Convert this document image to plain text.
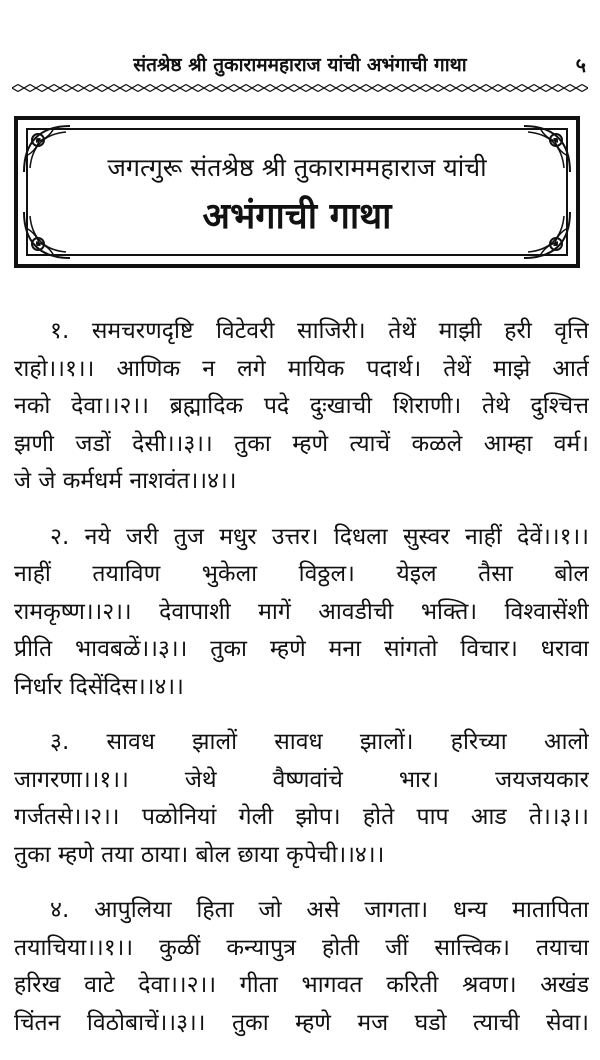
संतश्रेष्ठ श्री तुकाराममहाराज यांची अभंगाची गाथा	५
जगत्गुरू संतश्रेष्ठ श्री तुकाराममहाराज यांची
अभंगाची गाथा
१. समचरणदृष्टि विटेवरी साजिरी। तेथें माझी हरी वृत्ति
राहो।।१।। आणिक न लगे मायिक पदार्थ। तेथें माझे आर्त
नको देवा।।२।। ब्रह्मादिक पदे दुःखाची शिराणी। तेथे दुश्चित्त
झणी जडों देसी।।३।। तुका म्हणे त्याचें कळले आम्हा वर्म।
जे जे कर्मधर्म नाशवंत।।४।।
२. नये जरी तुज मधुर उत्तर। दिधला सुस्वर नाहीं देवें।।१।।
नाहीं तयाविण भुकेला विठ्ठल। येइल तैसा बोल
रामकृष्ण।।२।। देवापाशी मागें आवडीची भक्ति। विश्वासेंशी
प्रीति भावबळें।।३।। तुका म्हणे मना सांगतो विचार। धरावा
निर्धार दिसेंदिस।।४।।
३. सावध झालों सावध झालों। हरिच्या आलो
जागरणा।।१।। जेथे वैष्णवांचे भार। जयजयकार
गर्जतसे।।२।। पळोनियां गेली झोप। होते पाप आड ते।।३।।
तुका म्हणे तया ठाया। बोल छाया कृपेची।।४।।
४. आपुलिया हिता जो असे जागता। धन्य मातापिता
तयाचिया।।१।। कुळीं कन्यापुत्र होती जीं सात्त्विक। तयाचा
हरिख वाटे देवा।।२।। गीता भागवत करिती श्रवण। अखंड
चिंतन विठोबाचें।।३।। तुका म्हणे मज घडो त्याची सेवा।
